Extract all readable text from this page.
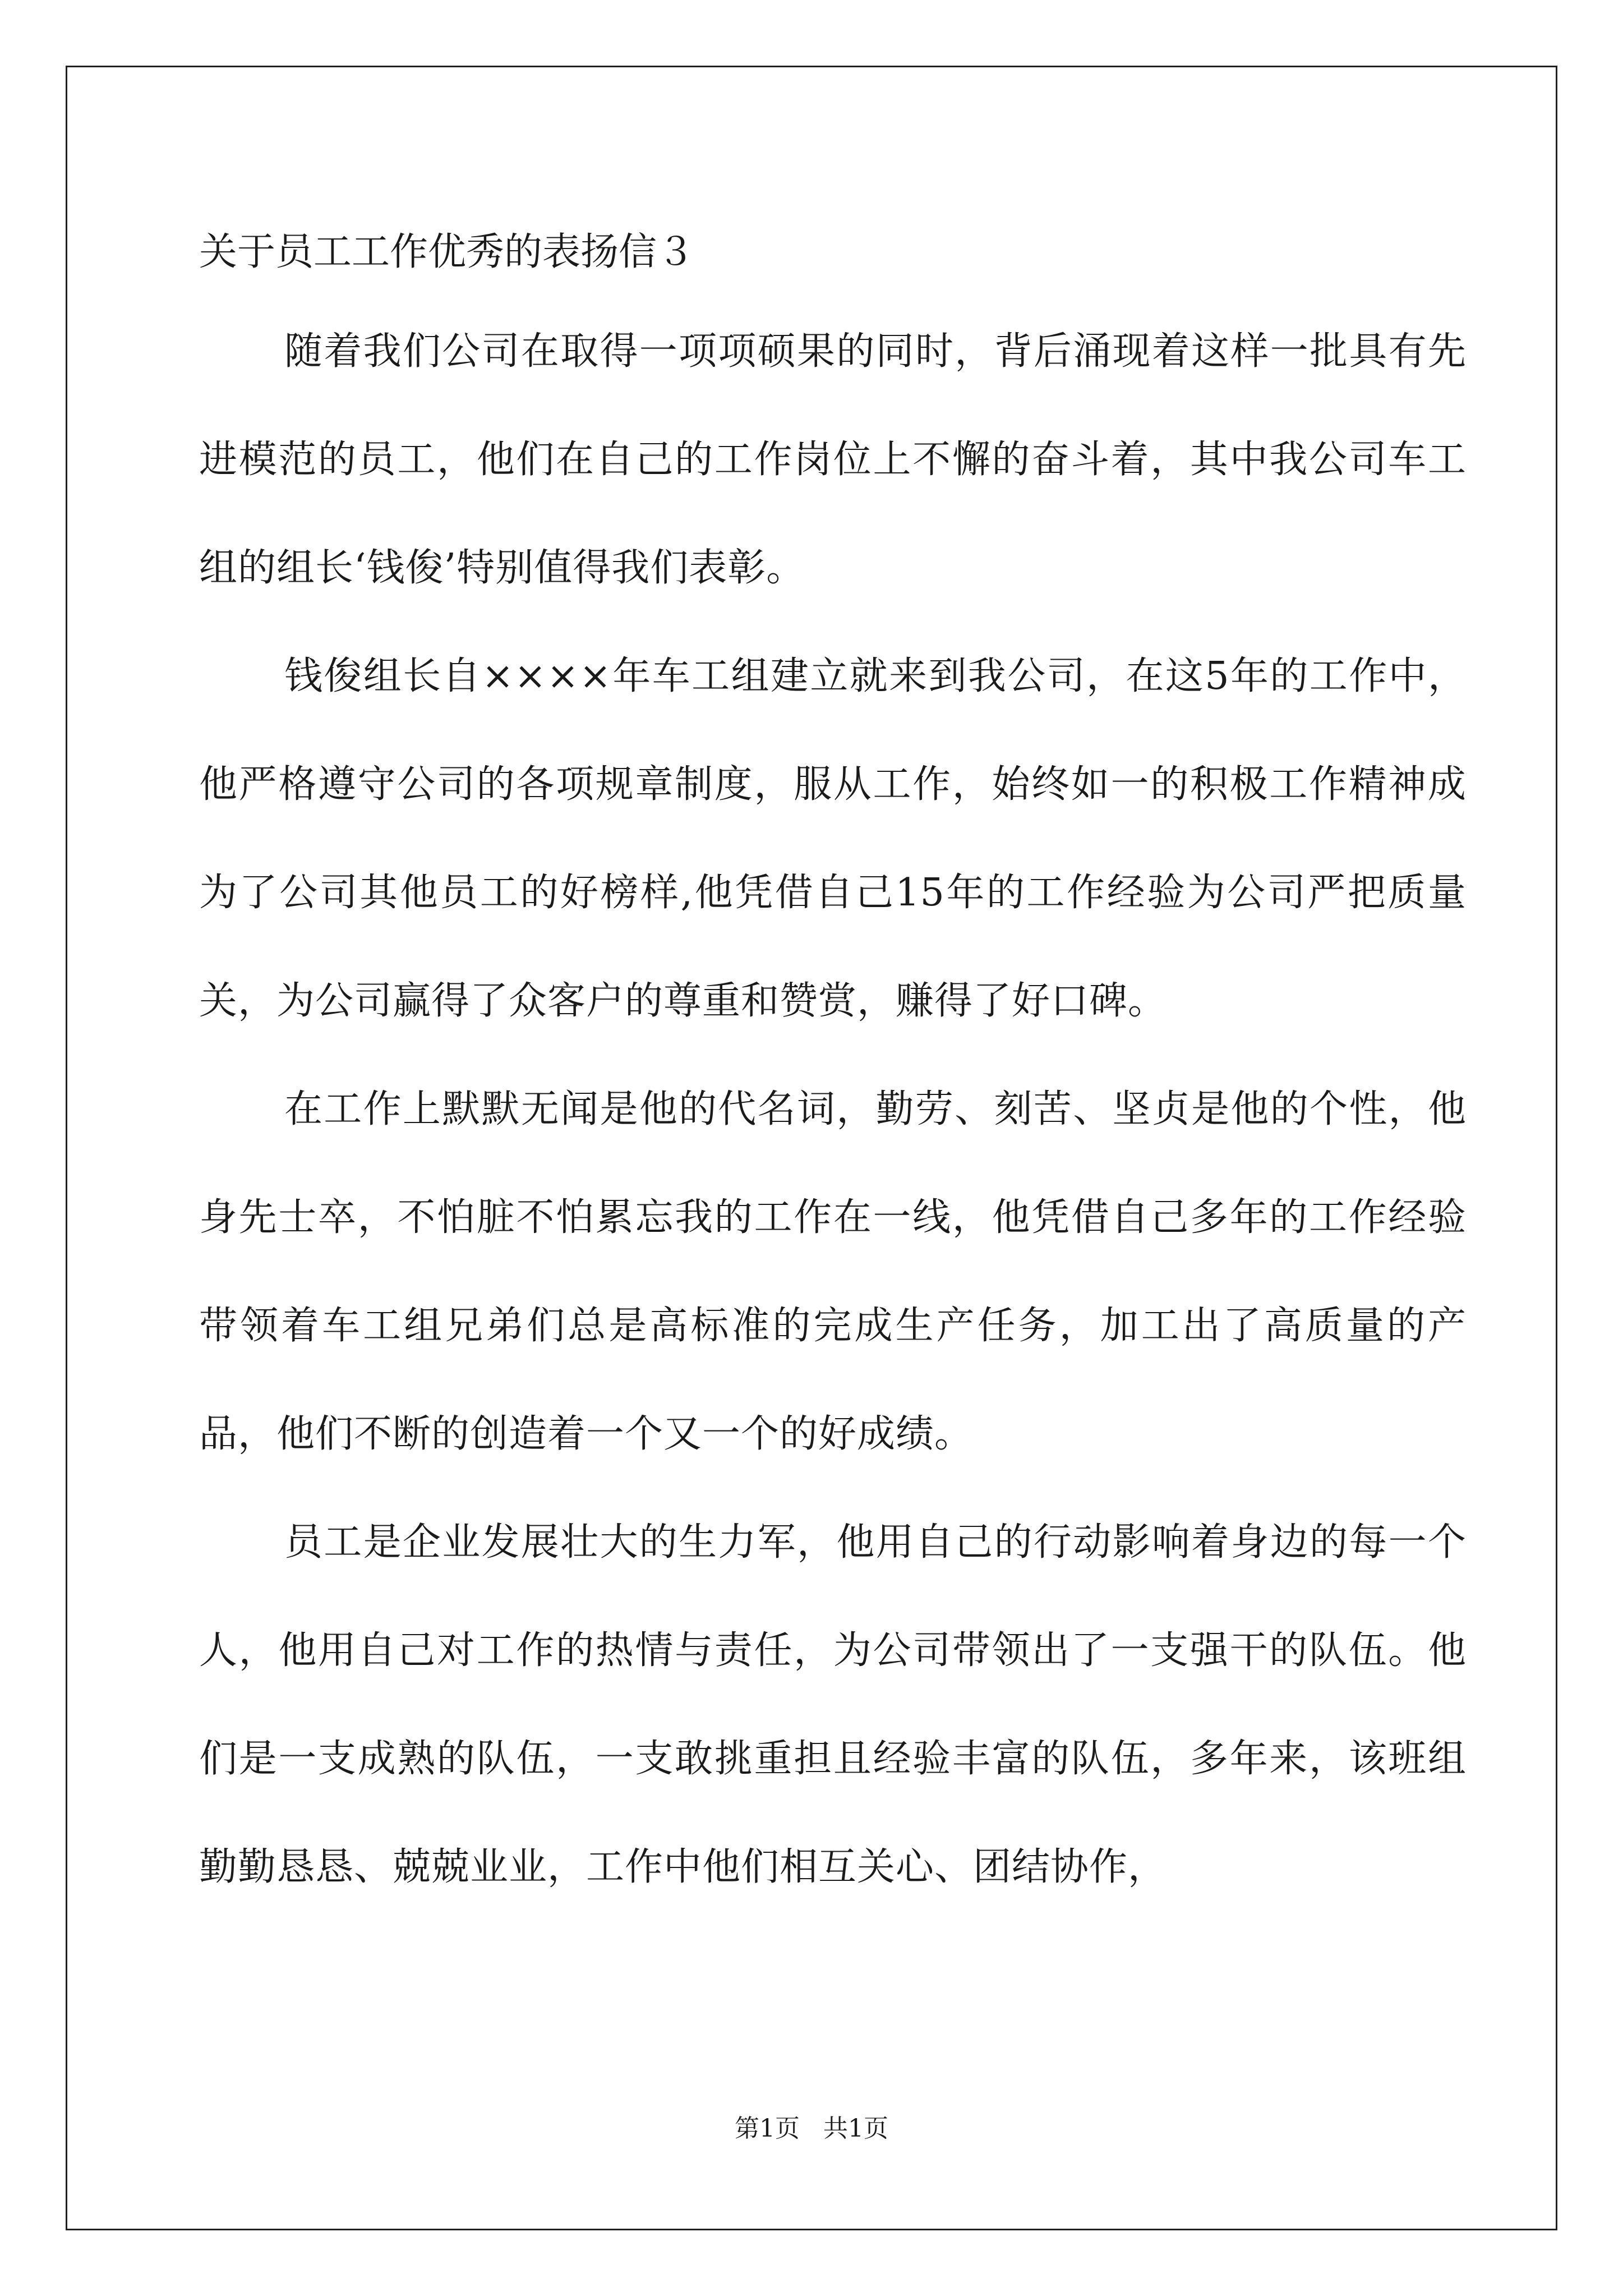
关于员工工作优秀的表扬信３

随着我们公司在取得一项项硕果的同时，背后涌现着这样一批具有先进模范的员工，他们在自己的工作岗位上不懈的奋斗着，其中我公司车工组的组长‘钱俊’特别值得我们表彰。

钱俊组长自××××年车工组建立就来到我公司，在这5年的工作中，他严格遵守公司的各项规章制度，服从工作，始终如一的积极工作精神成为了公司其他员工的好榜样,他凭借自己15年的工作经验为公司严把质量关，为公司赢得了众客户的尊重和赞赏，赚得了好口碑。

在工作上默默无闻是他的代名词，勤劳、刻苦、坚贞是他的个性，他身先士卒，不怕脏不怕累忘我的工作在一线，他凭借自己多年的工作经验带领着车工组兄弟们总是高标准的完成生产任务，加工出了高质量的产品，他们不断的创造着一个又一个的好成绩。

员工是企业发展壮大的生力军，他用自己的行动影响着身边的每一个人，他用自己对工作的热情与责任，为公司带领出了一支强干的队伍。他们是一支成熟的队伍，一支敢挑重担且经验丰富的队伍，多年来，该班组勤勤恳恳、兢兢业业，工作中他们相互关心、团结协作，

第1页 共1页
